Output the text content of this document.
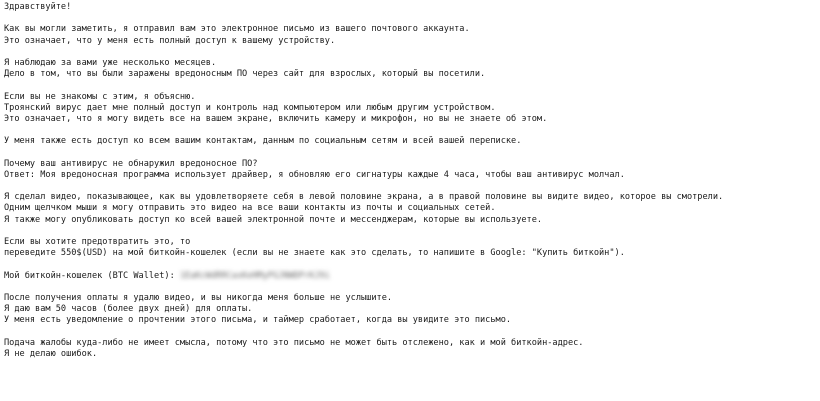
Здравствуйте!
Как вы могли заметить, я отправил вам это электронное письмо из вашего почтового аккаунта.
Это означает, что у меня есть полный доступ к вашему устройству.
Я наблюдаю за вами уже несколько месяцев.
Дело в том, что вы были заражены вредоносным ПО через сайт для взрослых, который вы посетили.
Если вы не знакомы с этим, я объясню.
Троянский вирус дает мне полный доступ и контроль над компьютером или любым другим устройством.
Это означает, что я могу видеть все на вашем экране, включить камеру и микрофон, но вы не знаете об этом.
У меня также есть доступ ко всем вашим контактам, данным по социальным сетям и всей вашей переписке.
Почему ваш антивирус не обнаружил вредоносное ПО?
Ответ: Моя вредоносная программа использует драйвер, я обновляю его сигнатуры каждые 4 часа, чтобы ваш антивирус молчал.
Я сделал видео, показывающее, как вы удовлетворяете себя в левой половине экрана, а в правой половине вы видите видео, которое вы смотрели.
Одним щелчком мыши я могу отправить это видео на все ваши контакты из почты и социальных сетей.
Я также могу опубликовать доступ ко всей вашей электронной почте и мессенджерам, которые вы используете.
Если вы хотите предотвратить это, то
переведите 550$(USD) на мой биткойн-кошелек (если вы не знаете как это сделать, то напишите в Google: "Купить биткойн").
Мой биткойн-кошелек (BTC Wallet): 1EaKcWdRRCaxKeHMyPGJNWDPrKJ9i
После получения оплаты я удалю видео, и вы никогда меня больше не услышите.
Я даю вам 50 часов (более двух дней) для оплаты.
У меня есть уведомление о прочтении этого письма, и таймер сработает, когда вы увидите это письмо.
Подача жалобы куда-либо не имеет смысла, потому что это письмо не может быть отслежено, как и мой биткойн-адрес.
Я не делаю ошибок.
